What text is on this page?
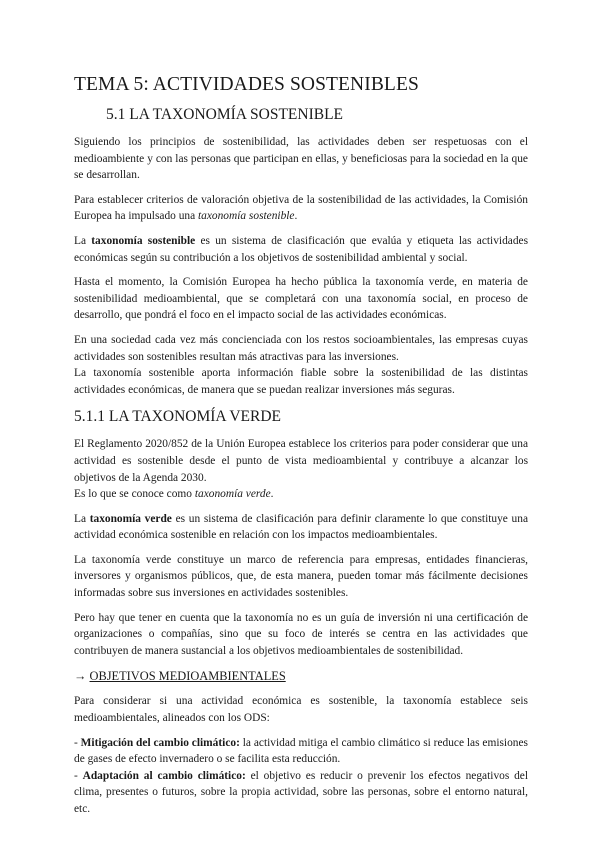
TEMA 5: ACTIVIDADES SOSTENIBLES
5.1 LA TAXONOMÍA SOSTENIBLE

Siguiendo los principios de sostenibilidad, las actividades deben ser respetuosas con el medioambiente y con las personas que participan en ellas, y beneficiosas para la sociedad en la que se desarrollan.

Para establecer criterios de valoración objetiva de la sostenibilidad de las actividades, la Comisión Europea ha impulsado una taxonomía sostenible.

La taxonomía sostenible es un sistema de clasificación que evalúa y etiqueta las actividades económicas según su contribución a los objetivos de sostenibilidad ambiental y social.

Hasta el momento, la Comisión Europea ha hecho pública la taxonomía verde, en materia de sostenibilidad medioambiental, que se completará con una taxonomía social, en proceso de desarrollo, que pondrá el foco en el impacto social de las actividades económicas.

En una sociedad cada vez más concienciada con los restos socioambientales, las empresas cuyas actividades son sostenibles resultan más atractivas para las inversiones.

La taxonomía sostenible aporta información fiable sobre la sostenibilidad de las distintas actividades económicas, de manera que se puedan realizar inversiones más seguras.

5.1.1 LA TAXONOMÍA VERDE

El Reglamento 2020/852 de la Unión Europea establece los criterios para poder considerar que una actividad es sostenible desde el punto de vista medioambiental y contribuye a alcanzar los objetivos de la Agenda 2030.

Es lo que se conoce como taxonomía verde.

La taxonomía verde es un sistema de clasificación para definir claramente lo que constituye una actividad económica sostenible en relación con los impactos medioambientales.

La taxonomía verde constituye un marco de referencia para empresas, entidades financieras, inversores y organismos públicos, que, de esta manera, pueden tomar más fácilmente decisiones informadas sobre sus inversiones en actividades sostenibles.

Pero hay que tener en cuenta que la taxonomía no es un guía de inversión ni una certificación de organizaciones o compañías, sino que su foco de interés se centra en las actividades que contribuyen de manera sustancial a los objetivos medioambientales de sostenibilidad.

→ OBJETIVOS MEDIOAMBIENTALES

Para considerar si una actividad económica es sostenible, la taxonomía establece seis medioambientales, alineados con los ODS:

- Mitigación del cambio climático: la actividad mitiga el cambio climático si reduce las emisiones de gases de efecto invernadero o se facilita esta reducción.

- Adaptación al cambio climático: el objetivo es reducir o prevenir los efectos negativos del clima, presentes o futuros, sobre la propia actividad, sobre las personas, sobre el entorno natural, etc.
